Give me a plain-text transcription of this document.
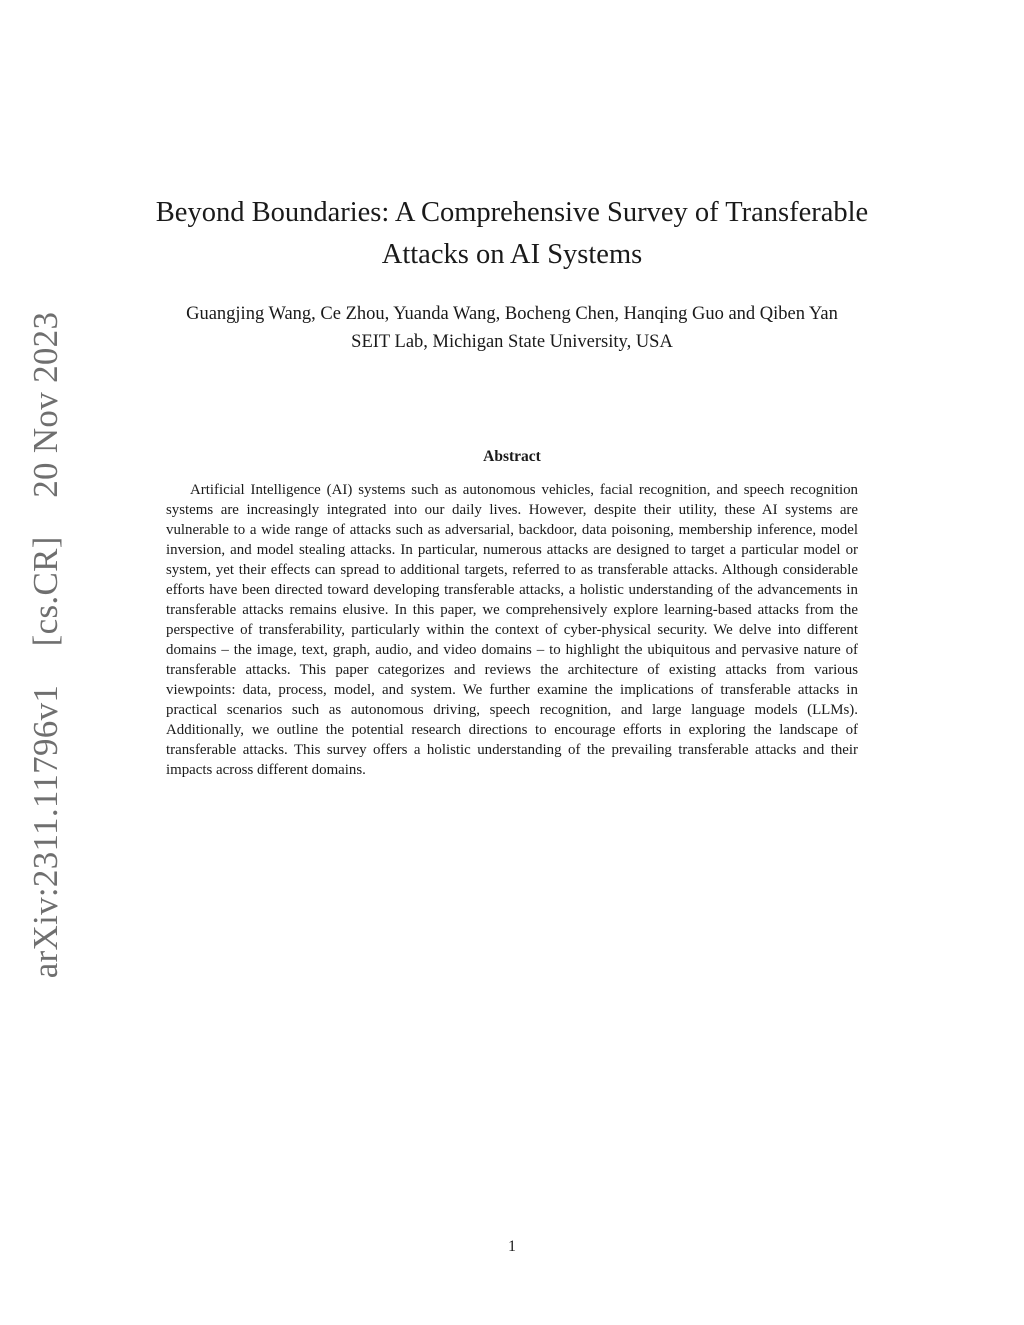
arXiv:2311.11796v1[cs.CR]20 Nov 2023
Beyond Boundaries: A Comprehensive Survey of Transferable Attacks on AI Systems
Guangjing Wang, Ce Zhou, Yuanda Wang, Bocheng Chen, Hanqing Guo and Qiben Yan
SEIT Lab, Michigan State University, USA
Abstract

Artificial Intelligence (AI) systems such as autonomous vehicles, facial recognition, and speech recognition systems are increasingly integrated into our daily lives. However, despite their utility, these AI systems are vulnerable to a wide range of attacks such as adversarial, backdoor, data poisoning, membership inference, model inversion, and model stealing attacks. In particular, numerous attacks are designed to target a particular model or system, yet their effects can spread to additional targets, referred to as transferable attacks. Although considerable efforts have been directed toward developing transferable attacks, a holistic understanding of the advancements in transferable attacks remains elusive. In this paper, we comprehensively explore learning-based attacks from the perspective of transferability, particularly within the context of cyber-physical security. We delve into different domains – the image, text, graph, audio, and video domains – to highlight the ubiquitous and pervasive nature of transferable attacks. This paper categorizes and reviews the architecture of existing attacks from various viewpoints: data, process, model, and system. We further examine the implications of transferable attacks in practical scenarios such as autonomous driving, speech recognition, and large language models (LLMs). Additionally, we outline the potential research directions to encourage efforts in exploring the landscape of transferable attacks. This survey offers a holistic understanding of the prevailing transferable attacks and their impacts across different domains.

1
